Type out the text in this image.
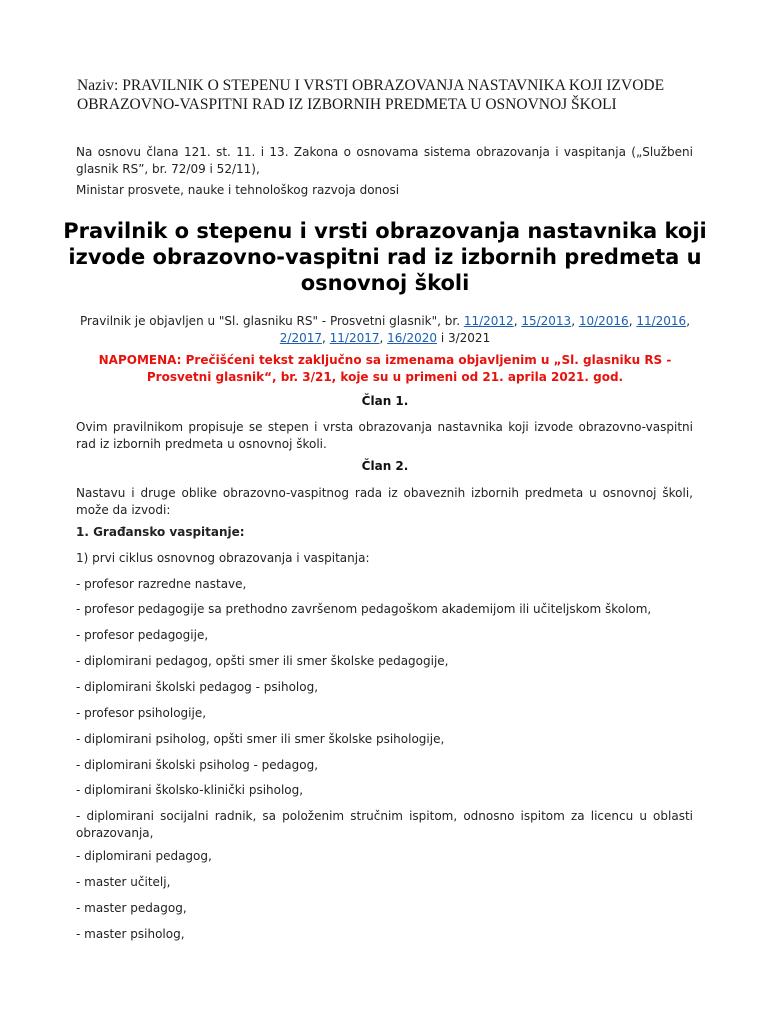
Naziv: PRAVILNIK O STEPENU I VRSTI OBRAZOVANJA NASTAVNIKA KOJI IZVODE OBRAZOVNO-VASPITNI RAD IZ IZBORNIH PREDMETA U OSNOVNOJ ŠKOLI
Na osnovu člana 121. st. 11. i 13. Zakona o osnovama sistema obrazovanja i vaspitanja („Službeni glasnik RS”, br. 72/09 i 52/11),
Ministar prosvete, nauke i tehnološkog razvoja donosi
Pravilnik o stepenu i vrsti obrazovanja nastavnika koji izvode obrazovno-vaspitni rad iz izbornih predmeta u osnovnoj školi
Pravilnik je objavljen u "Sl. glasniku RS" - Prosvetni glasnik", br. 11/2012, 15/2013, 10/2016, 11/2016, 2/2017, 11/2017, 16/2020 i 3/2021
NAPOMENA: Prečišćeni tekst zaključno sa izmenama objavljenim u „Sl. glasniku RS - Prosvetni glasnik“, br. 3/21, koje su u primeni od 21. aprila 2021. god.
Član 1.
Ovim pravilnikom propisuje se stepen i vrsta obrazovanja nastavnika koji izvode obrazovno-vaspitni rad iz izbornih predmeta u osnovnoj školi.
Član 2.
Nastavu i druge oblike obrazovno-vaspitnog rada iz obaveznih izbornih predmeta u osnovnoj školi, može da izvodi:
1. Građansko vaspitanje:
1) prvi ciklus osnovnog obrazovanja i vaspitanja:
- profesor razredne nastave,
- profesor pedagogije sa prethodno završenom pedagoškom akademijom ili učiteljskom školom,
- profesor pedagogije,
- diplomirani pedagog, opšti smer ili smer školske pedagogije,
- diplomirani školski pedagog - psiholog,
- profesor psihologije,
- diplomirani psiholog, opšti smer ili smer školske psihologije,
- diplomirani školski psiholog - pedagog,
- diplomirani školsko-klinički psiholog,
- diplomirani socijalni radnik, sa položenim stručnim ispitom, odnosno ispitom za licencu u oblasti obrazovanja,
- diplomirani pedagog,
- master učitelj,
- master pedagog,
- master psiholog,
